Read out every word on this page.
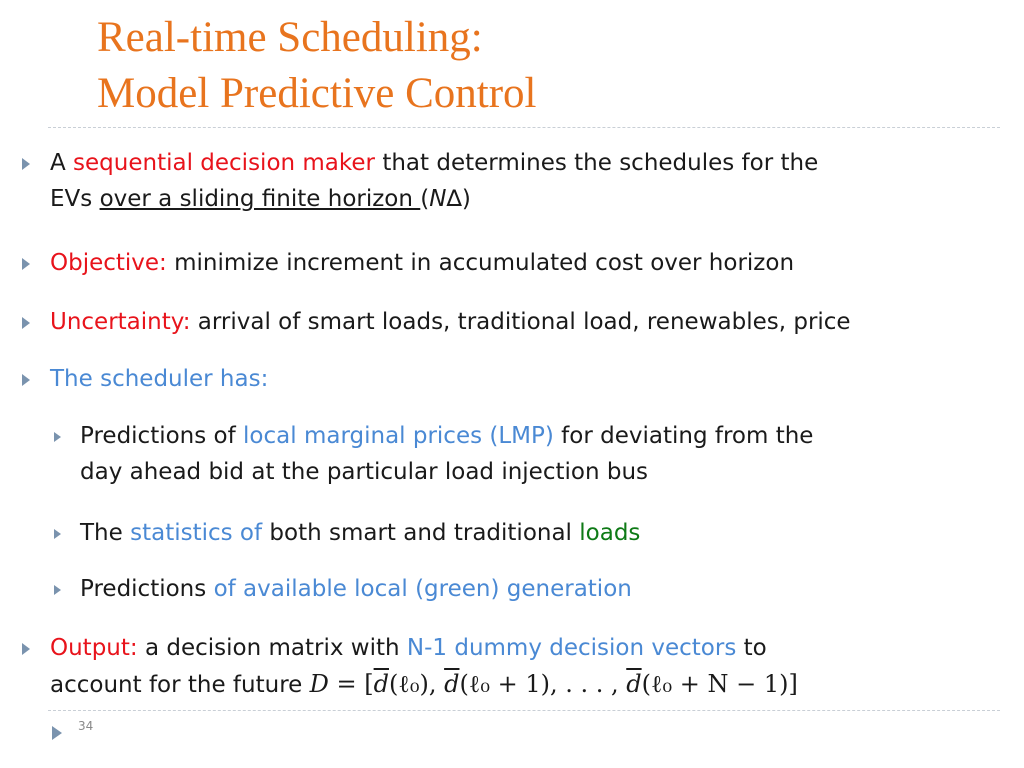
Real-time Scheduling:
Model Predictive Control
A sequential decision maker that determines the schedules for the
EVs over a sliding finite horizon (N∆)
Objective: minimize increment in accumulated cost over horizon
Uncertainty: arrival of smart loads, traditional load, renewables, price
The scheduler has:
Predictions of local marginal prices (LMP) for deviating from the
day ahead bid at the particular load injection bus
The statistics of both smart and traditional loads
Predictions of available local (green) generation
Output: a decision matrix with N-1 dummy decision vectors to
account for the future $D = [\overline{d}(\ell_0)$, $\overline{d}(\ell_0 + 1)$, . . . , $\overline{d}(\ell_0 + N - 1)$]
34
